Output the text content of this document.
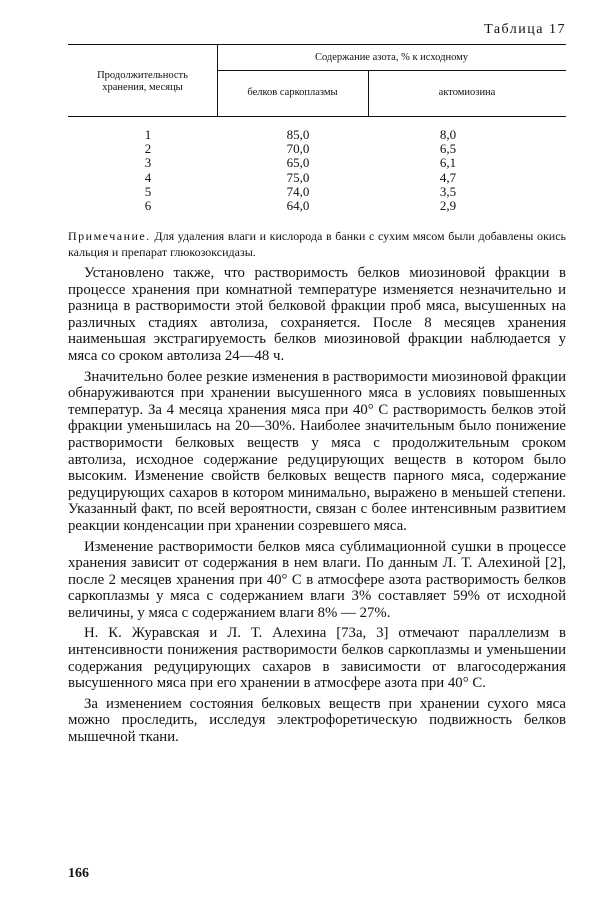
Таблица 17
Продолжительность
хранения, месяцы
Содержание азота, % к исходному
белков саркоплазмы	актомиозина
1
2
3
4
5
6
85,0
70,0
65,0
75,0
74,0
64,0
8,0
6,5
6,1
4,7
3,5
2,9
Примечание. Для удаления влаги и кислорода в банки с сухим мясом были добавлены окись кальция и препарат глюкозоксидазы.

Установлено также, что растворимость белков миозиновой фракции в процессе хранения при комнатной температуре изменяется незначительно и разница в растворимости этой белковой фракции проб мяса, высушенных на различных стадиях автолиза, сохраняется. После 8 месяцев хранения наименьшая экстрагируемость белков миозиновой фракции наблюдается у мяса со сроком автолиза 24—48 ч.

Значительно более резкие изменения в растворимости миозиновой фракции обнаруживаются при хранении высушенного мяса в условиях повышенных температур. За 4 месяца хранения мяса при 40° С растворимость белков этой фракции уменьшилась на 20—30%. Наиболее значительным было понижение растворимости белковых веществ у мяса с продолжительным сроком автолиза, исходное содержание редуцирующих веществ в котором было высоким. Изменение свойств белковых веществ парного мяса, содержание редуцирующих сахаров в котором минимально, выражено в меньшей степени. Указанный факт, по всей вероятности, связан с более интенсивным развитием реакции конденсации при хранении созревшего мяса.

Изменение растворимости белков мяса сублимационной сушки в процессе хранения зависит от содержания в нем влаги. По данным Л. Т. Алехиной [2], после 2 месяцев хранения при 40° С в атмосфере азота растворимость белков саркоплазмы у мяса с содержанием влаги 3% составляет 59% от исходной величины, у мяса с содержанием влаги 8% — 27%.

Н. К. Журавская и Л. Т. Алехина [73а, 3] отмечают параллелизм в интенсивности понижения растворимости белков саркоплазмы и уменьшении содержания редуцирующих сахаров в зависимости от влагосодержания высушенного мяса при его хранении в атмосфере азота при 40° С.

За изменением состояния белковых веществ при хранении сухого мяса можно проследить, исследуя электрофоретическую подвижность белков мышечной ткани.

166
